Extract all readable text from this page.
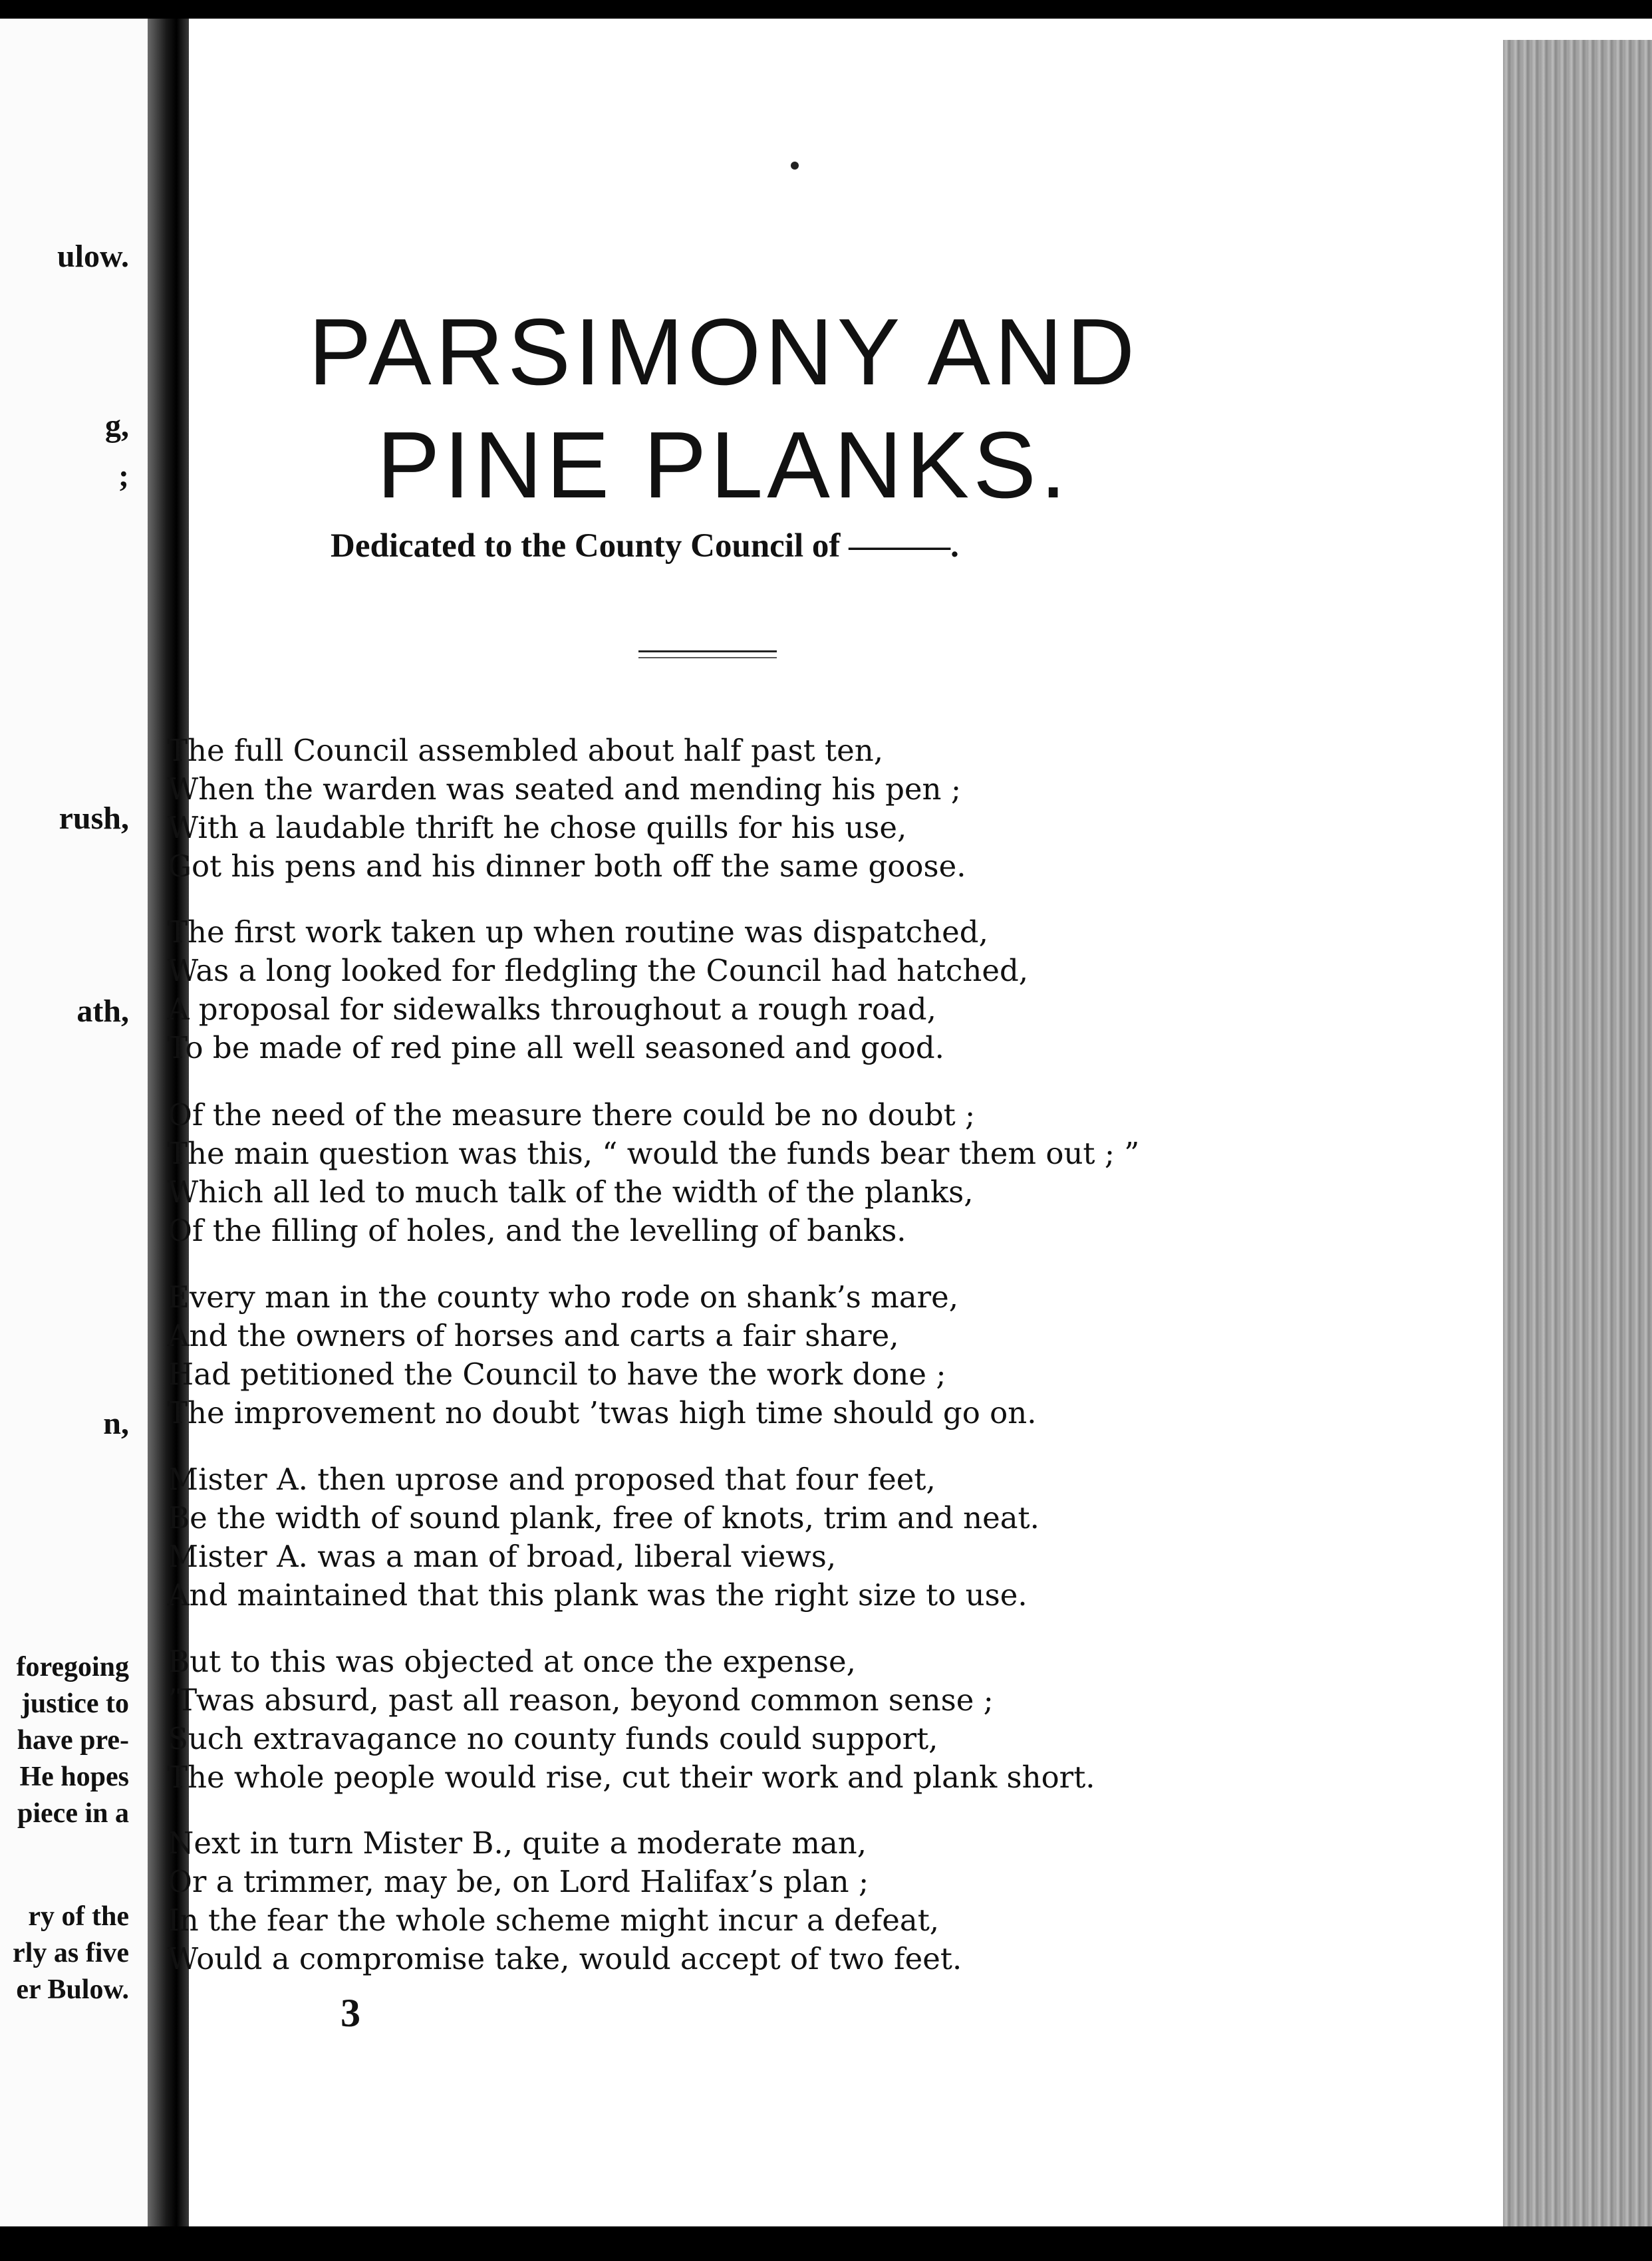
ulow.
g,
;
rush,
ath,
n,
foregoing
justice to
have pre-
He hopes
piece in a
ry of the
rly as five
er Bulow.
PARSIMONY AND PINE PLANKS.
Dedicated to the County Council of ———.
The full Council assembled about half past ten,
When the warden was seated and mending his pen ;
With a laudable thrift he chose quills for his use,
Got his pens and his dinner both off the same goose.
The first work taken up when routine was dispatched,
Was a long looked for fledgling the Council had hatched,
A proposal for sidewalks throughout a rough road,
To be made of red pine all well seasoned and good.
Of the need of the measure there could be no doubt ;
The main question was this, “ would the funds bear them out ; ”
Which all led to much talk of the width of the planks,
Of the filling of holes, and the levelling of banks.
Every man in the county who rode on shank’s mare,
And the owners of horses and carts a fair share,
Had petitioned the Council to have the work done ;
The improvement no doubt ’twas high time should go on.
Mister A. then uprose and proposed that four feet,
Be the width of sound plank, free of knots, trim and neat.
Mister A. was a man of broad, liberal views,
And maintained that this plank was the right size to use.
But to this was objected at once the expense,
’Twas absurd, past all reason, beyond common sense ;
Such extravagance no county funds could support,
The whole people would rise, cut their work and plank short.
Next in turn Mister B., quite a moderate man,
Or a trimmer, may be, on Lord Halifax’s plan ;
In the fear the whole scheme might incur a defeat,
Would a compromise take, would accept of two feet.
3
